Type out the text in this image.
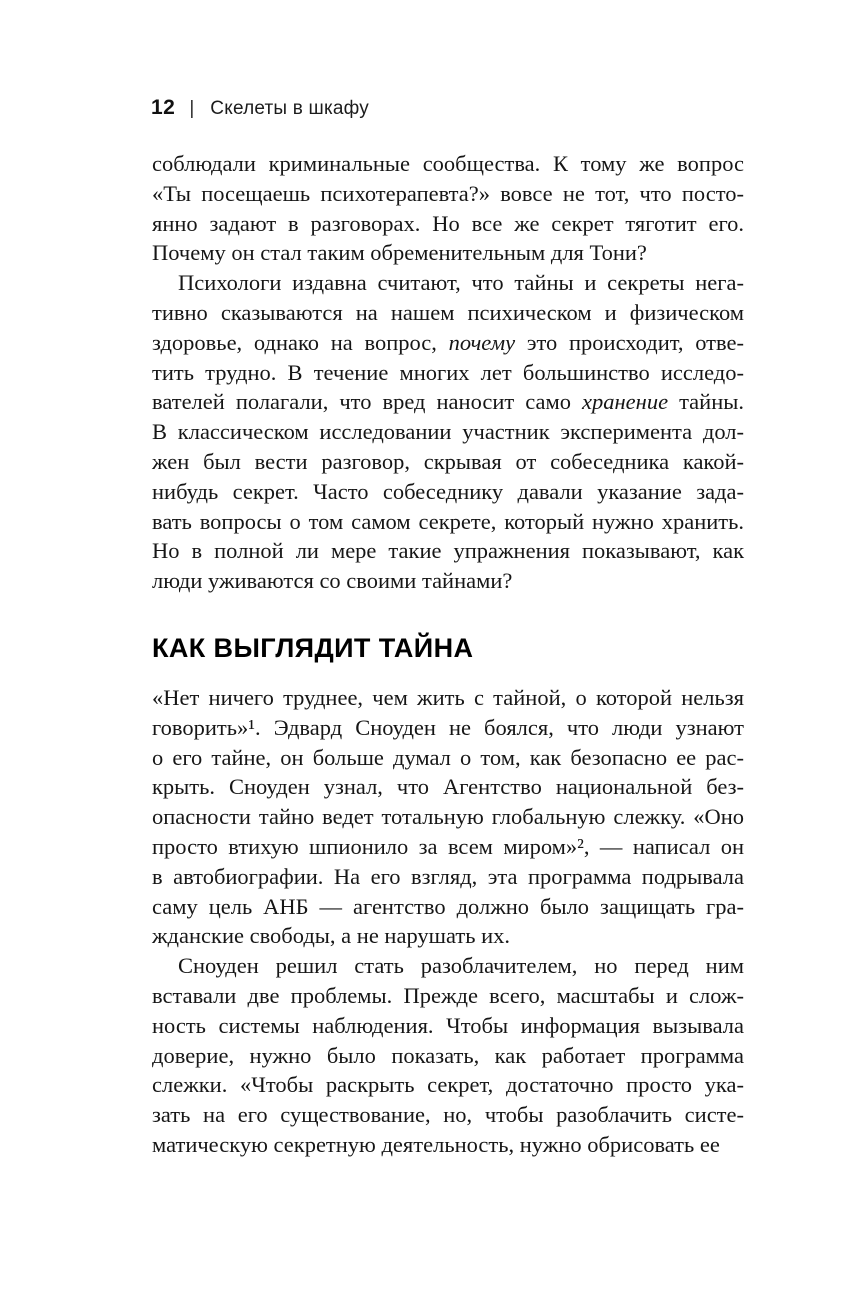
12 | Скелеты в шкафу
соблюдали криминальные сообщества. К тому же вопрос
«Ты посещаешь психотерапевта?» вовсе не тот, что посто-
янно задают в разговорах. Но все же секрет тяготит его.
Почему он стал таким обременительным для Тони?
Психологи издавна считают, что тайны и секреты нега-
тивно сказываются на нашем психическом и физическом
здоровье, однако на вопрос, почему это происходит, отве-
тить трудно. В течение многих лет большинство исследо-
вателей полагали, что вред наносит само хранение тайны.
В классическом исследовании участник эксперимента дол-
жен был вести разговор, скрывая от собеседника какой-
нибудь секрет. Часто собеседнику давали указание зада-
вать вопросы о том самом секрете, который нужно хранить.
Но в полной ли мере такие упражнения показывают, как
люди уживаются со своими тайнами?
КАК ВЫГЛЯДИТ ТАЙНА
«Нет ничего труднее, чем жить с тайной, о которой нельзя
говорить»¹. Эдвард Сноуден не боялся, что люди узнают
о его тайне, он больше думал о том, как безопасно ее рас-
крыть. Сноуден узнал, что Агентство национальной без-
опасности тайно ведет тотальную глобальную слежку. «Оно
просто втихую шпионило за всем миром»², — написал он
в автобиографии. На его взгляд, эта программа подрывала
саму цель АНБ — агентство должно было защищать гра-
жданские свободы, а не нарушать их.
Сноуден решил стать разоблачителем, но перед ним
вставали две проблемы. Прежде всего, масштабы и слож-
ность системы наблюдения. Чтобы информация вызывала
доверие, нужно было показать, как работает программа
слежки. «Чтобы раскрыть секрет, достаточно просто ука-
зать на его существование, но, чтобы разоблачить систе-
матическую секретную деятельность, нужно обрисовать ее
